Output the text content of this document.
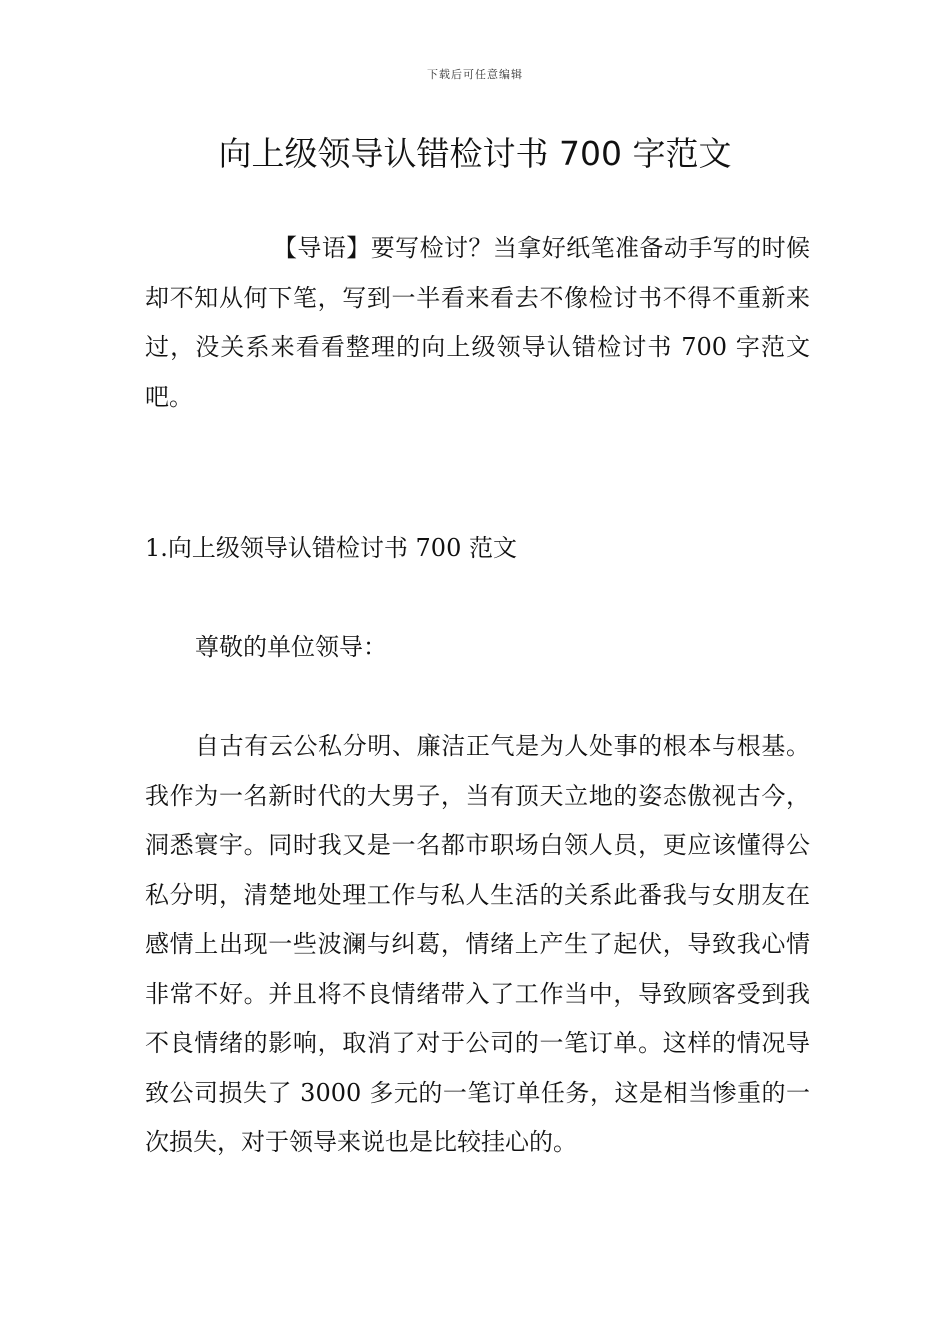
下载后可任意编辑
向上级领导认错检讨书 700 字范文

【导语】要写检讨？当拿好纸笔准备动手写的时候却不知从何下笔，写到一半看来看去不像检讨书不得不重新来过，没关系来看看整理的向上级领导认错检讨书 700 字范文吧。

1.向上级领导认错检讨书 700 范文

尊敬的单位领导：

自古有云公私分明、廉洁正气是为人处事的根本与根基。我作为一名新时代的大男子，当有顶天立地的姿态傲视古今，洞悉寰宇。同时我又是一名都市职场白领人员，更应该懂得公私分明，清楚地处理工作与私人生活的关系此番我与女朋友在感情上出现一些波澜与纠葛，情绪上产生了起伏，导致我心情非常不好。并且将不良情绪带入了工作当中，导致顾客受到我不良情绪的影响，取消了对于公司的一笔订单。这样的情况导致公司损失了 3000 多元的一笔订单任务，这是相当惨重的一次损失，对于领导来说也是比较挂心的。
